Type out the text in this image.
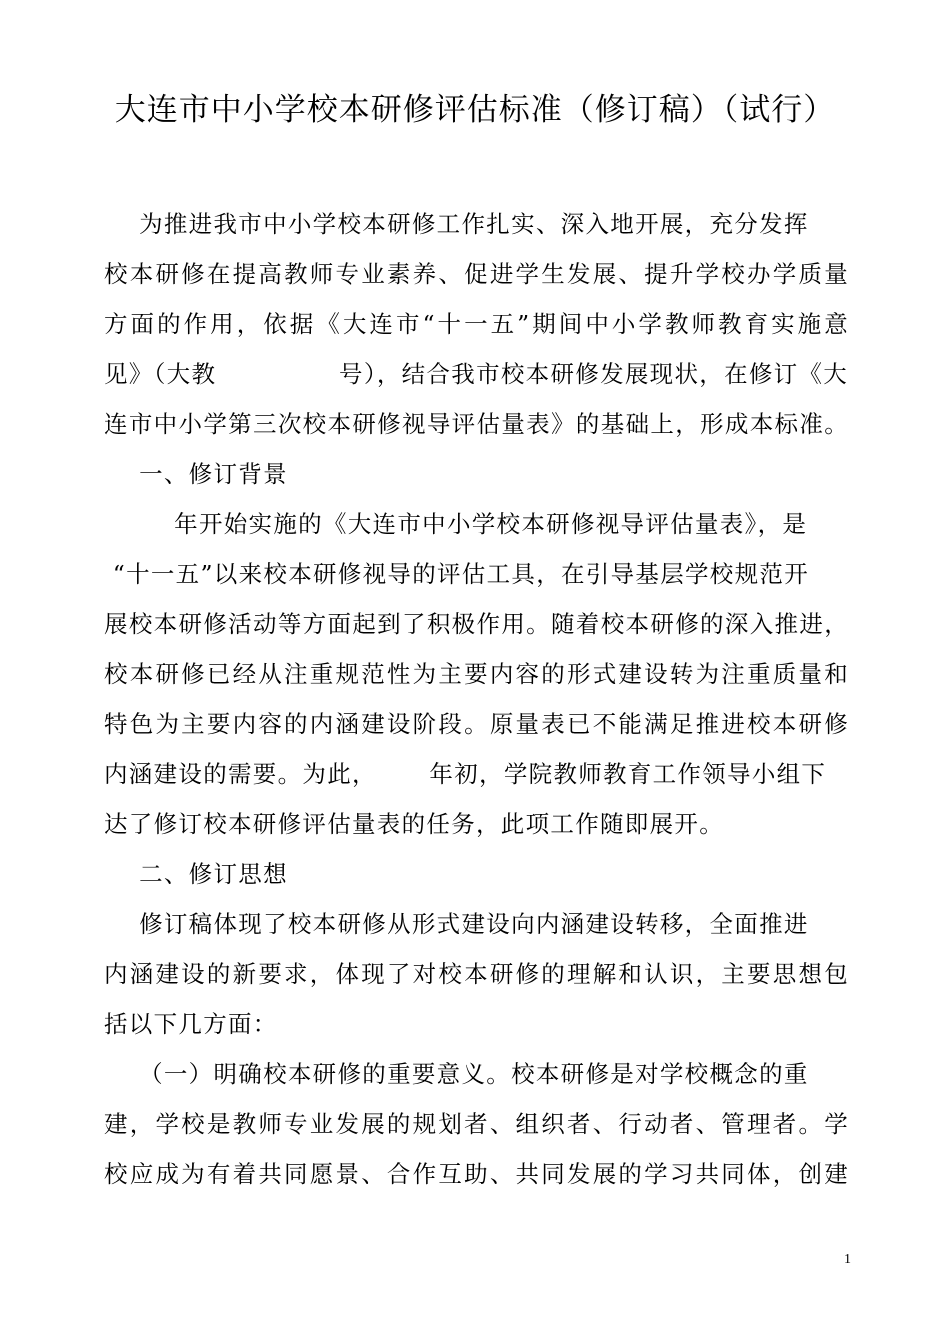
大连市中小学校本研修评估标准（修订稿）（试行）
为推进我市中小学校本研修工作扎实、深入地开展，充分发挥
校本研修在提高教师专业素养、促进学生发展、提升学校办学质量
方面的作用，依据《大连市“十一五”期间中小学教师教育实施意
见》（大教              号），结合我市校本研修发展现状，在修订《大
连市中小学第三次校本研修视导评估量表》的基础上，形成本标准。
一、修订背景
年开始实施的《大连市中小学校本研修视导评估量表》，是
“十一五”以来校本研修视导的评估工具，在引导基层学校规范开
展校本研修活动等方面起到了积极作用。随着校本研修的深入推进，
校本研修已经从注重规范性为主要内容的形式建设转为注重质量和
特色为主要内容的内涵建设阶段。原量表已不能满足推进校本研修
内涵建设的需要。为此，      年初，学院教师教育工作领导小组下
达了修订校本研修评估量表的任务，此项工作随即展开。
二、修订思想
修订稿体现了校本研修从形式建设向内涵建设转移，全面推进
内涵建设的新要求，体现了对校本研修的理解和认识，主要思想包
括以下几方面：
（一）明确校本研修的重要意义。校本研修是对学校概念的重
建，学校是教师专业发展的规划者、组织者、行动者、管理者。学
校应成为有着共同愿景、合作互助、共同发展的学习共同体，创建
1
